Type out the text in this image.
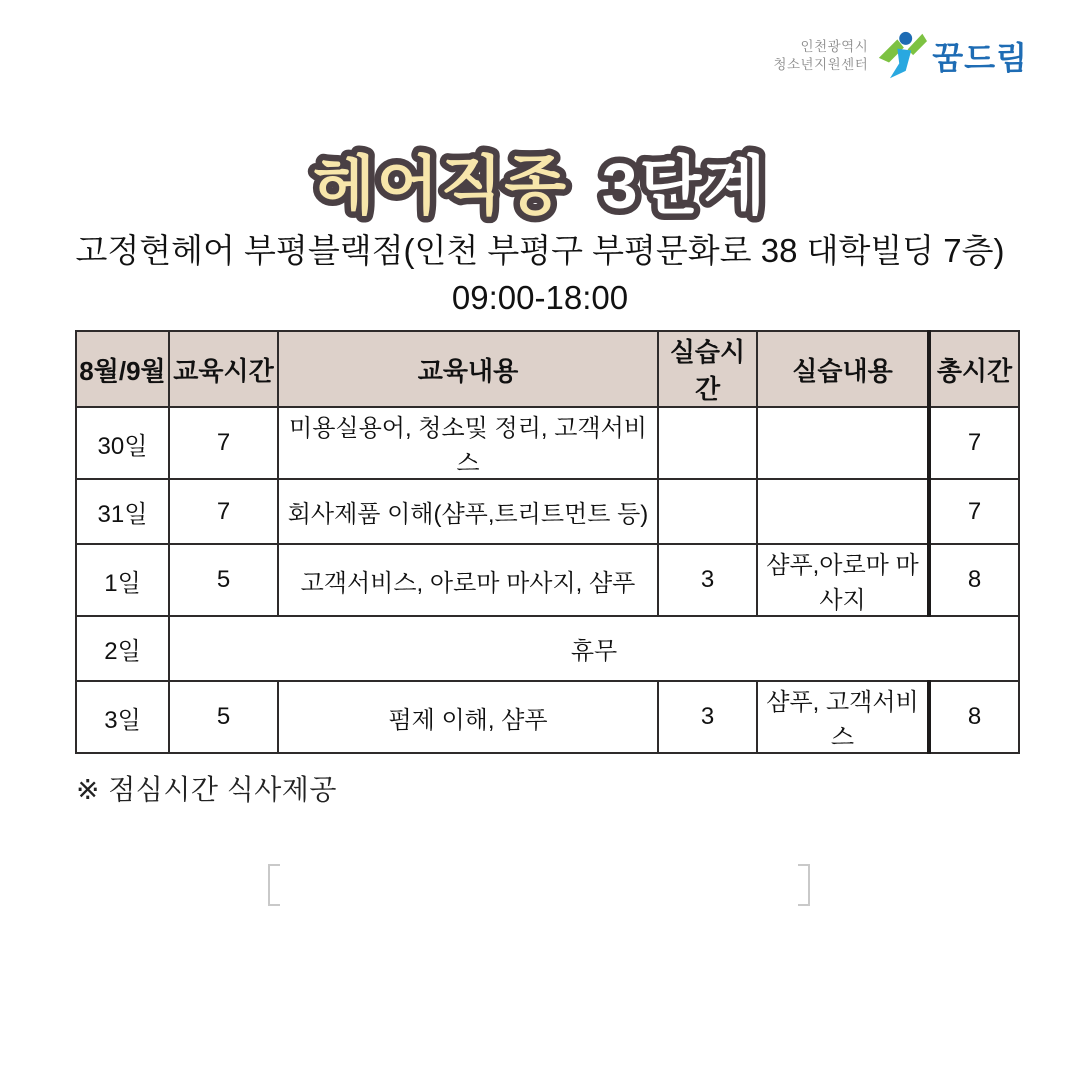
인천광역시
청소년지원센터 꿈드림
헤어직종 3단계
고정현헤어 부평블랙점(인천 부평구 부평문화로 38 대학빌딩 7층)
09:00-18:00
8월/9월	교육시간	교육내용	실습시간	실습내용	총시간
30일	7	미용실용어, 청소및 정리, 고객서비스			7
31일	7	회사제품 이해(샴푸,트리트먼트 등)			7
1일	5	고객서비스, 아로마 마사지, 샴푸	3	샴푸,아로마 마사지	8
2일	휴무				
3일	5	펌제 이해, 샴푸	3	샴푸, 고객서비스	8
※ 점심시간 식사제공
